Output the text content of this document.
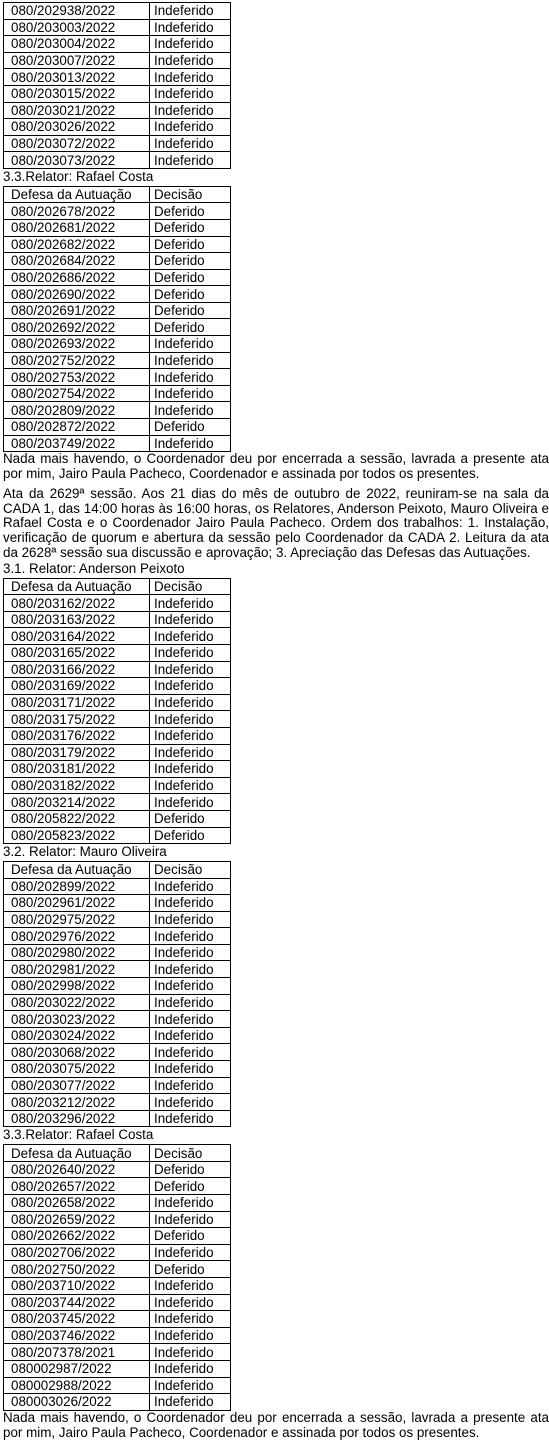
080/202938/2022	Indeferido
080/203003/2022	Indeferido
080/203004/2022	Indeferido
080/203007/2022	Indeferido
080/203013/2022	Indeferido
080/203015/2022	Indeferido
080/203021/2022	Indeferido
080/203026/2022	Indeferido
080/203072/2022	Indeferido
080/203073/2022	Indeferido
3.3.Relator: Rafael Costa
Defesa da Autuação	Decisão
080/202678/2022	Deferido
080/202681/2022	Deferido
080/202682/2022	Deferido
080/202684/2022	Deferido
080/202686/2022	Deferido
080/202690/2022	Deferido
080/202691/2022	Deferido
080/202692/2022	Deferido
080/202693/2022	Indeferido
080/202752/2022	Indeferido
080/202753/2022	Indeferido
080/202754/2022	Indeferido
080/202809/2022	Indeferido
080/202872/2022	Deferido
080/203749/2022	Indeferido
Nada mais havendo, o Coordenador deu por encerrada a sessão, lavrada a presente ata por mim, Jairo Paula Pacheco, Coordenador e assinada por todos os presentes.
Ata da 2629ª sessão. Aos 21 dias do mês de outubro de 2022, reuniram-se na sala da CADA 1, das 14:00 horas às 16:00 horas, os Relatores, Anderson Peixoto, Mauro Oliveira e Rafael Costa e o Coordenador Jairo Paula Pacheco. Ordem dos trabalhos: 1. Instalação, verificação de quorum e abertura da sessão pelo Coordenador da CADA 2. Leitura da ata da 2628ª sessão sua discussão e aprovação; 3. Apreciação das Defesas das Autuações.
3.1. Relator: Anderson Peixoto
Defesa da Autuação	Decisão
080/203162/2022	Indeferido
080/203163/2022	Indeferido
080/203164/2022	Indeferido
080/203165/2022	Indeferido
080/203166/2022	Indeferido
080/203169/2022	Indeferido
080/203171/2022	Indeferido
080/203175/2022	Indeferido
080/203176/2022	Indeferido
080/203179/2022	Indeferido
080/203181/2022	Indeferido
080/203182/2022	Indeferido
080/203214/2022	Indeferido
080/205822/2022	Deferido
080/205823/2022	Deferido
3.2. Relator: Mauro Oliveira
Defesa da Autuação	Decisão
080/202899/2022	Indeferido
080/202961/2022	Indeferido
080/202975/2022	Indeferido
080/202976/2022	Indeferido
080/202980/2022	Indeferido
080/202981/2022	Indeferido
080/202998/2022	Indeferido
080/203022/2022	Indeferido
080/203023/2022	Indeferido
080/203024/2022	Indeferido
080/203068/2022	Indeferido
080/203075/2022	Indeferido
080/203077/2022	Indeferido
080/203212/2022	Indeferido
080/203296/2022	Indeferido
3.3.Relator: Rafael Costa
Defesa da Autuação	Decisão
080/202640/2022	Deferido
080/202657/2022	Deferido
080/202658/2022	Indeferido
080/202659/2022	Indeferido
080/202662/2022	Deferido
080/202706/2022	Indeferido
080/202750/2022	Deferido
080/203710/2022	Indeferido
080/203744/2022	Indeferido
080/203745/2022	Indeferido
080/203746/2022	Indeferido
080/207378/2021	Indeferido
080002987/2022	Indeferido
080002988/2022	Indeferido
080003026/2022	Indeferido
Nada mais havendo, o Coordenador deu por encerrada a sessão, lavrada a presente ata por mim, Jairo Paula Pacheco, Coordenador e assinada por todos os presentes.
